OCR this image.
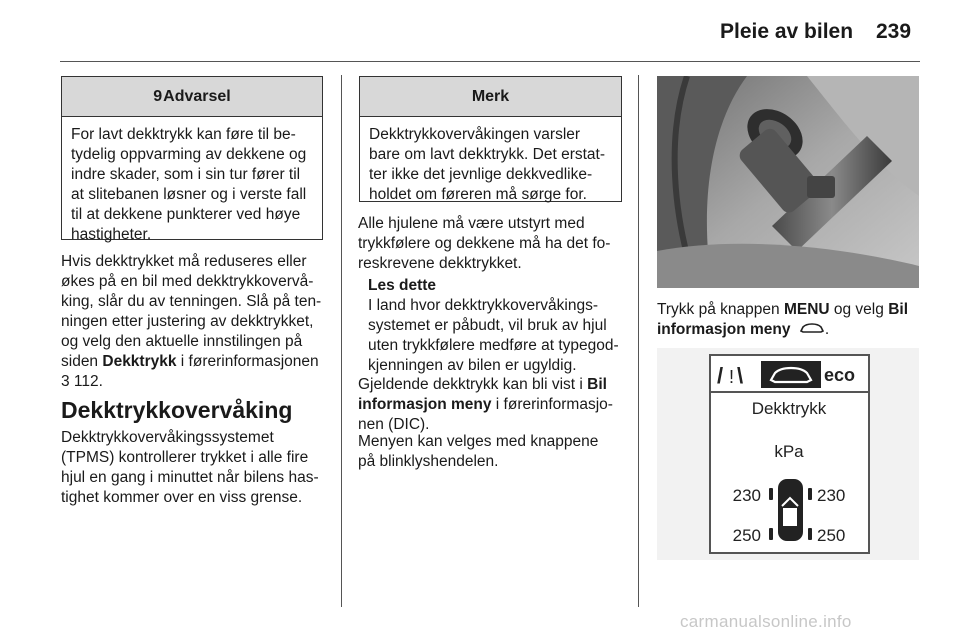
Pleie av bilen 239
9 Advarsel
For lavt dekktrykk kan føre til be-
tydelig oppvarming av dekkene og
indre skader, som i sin tur fører til
at slitebanen løsner og i verste fall
til at dekkene punkterer ved høye
hastigheter.
Hvis dekktrykket må reduseres eller
økes på en bil med dekktrykkovervå-
king, slår du av tenningen. Slå på ten-
ningen etter justering av dekktrykket,
og velg den aktuelle innstilingen på
siden Dekktrykk i førerinformasjonen
3 112.
Dekktrykkovervåking
Dekktrykkovervåkingssystemet
(TPMS) kontrollerer trykket i alle fire
hjul en gang i minuttet når bilens has-
tighet kommer over en viss grense.
Merk
Dekktrykkovervåkingen varsler
bare om lavt dekktrykk. Det erstat-
ter ikke det jevnlige dekkvedlike-
holdet om føreren må sørge for.
Alle hjulene må være utstyrt med
trykkfølere og dekkene må ha det fo-
reskrevene dekktrykket.
Les dette
I land hvor dekktrykkovervåkings-
systemet er påbudt, vil bruk av hjul
uten trykkfølere medføre at typegod-
kjenningen av bilen er ugyldig.
Gjeldende dekktrykk kan bli vist i Bil
informasjon meny i førerinformasjo-
nen (DIC).
Menyen kan velges med knappene
på blinklyshendelen.
Trykk på knappen MENU og velg Bil
informasjon meny .
/ ! \	eco
Dekktrykk
kPa
230	230
250	250
carmanualsonline.info
